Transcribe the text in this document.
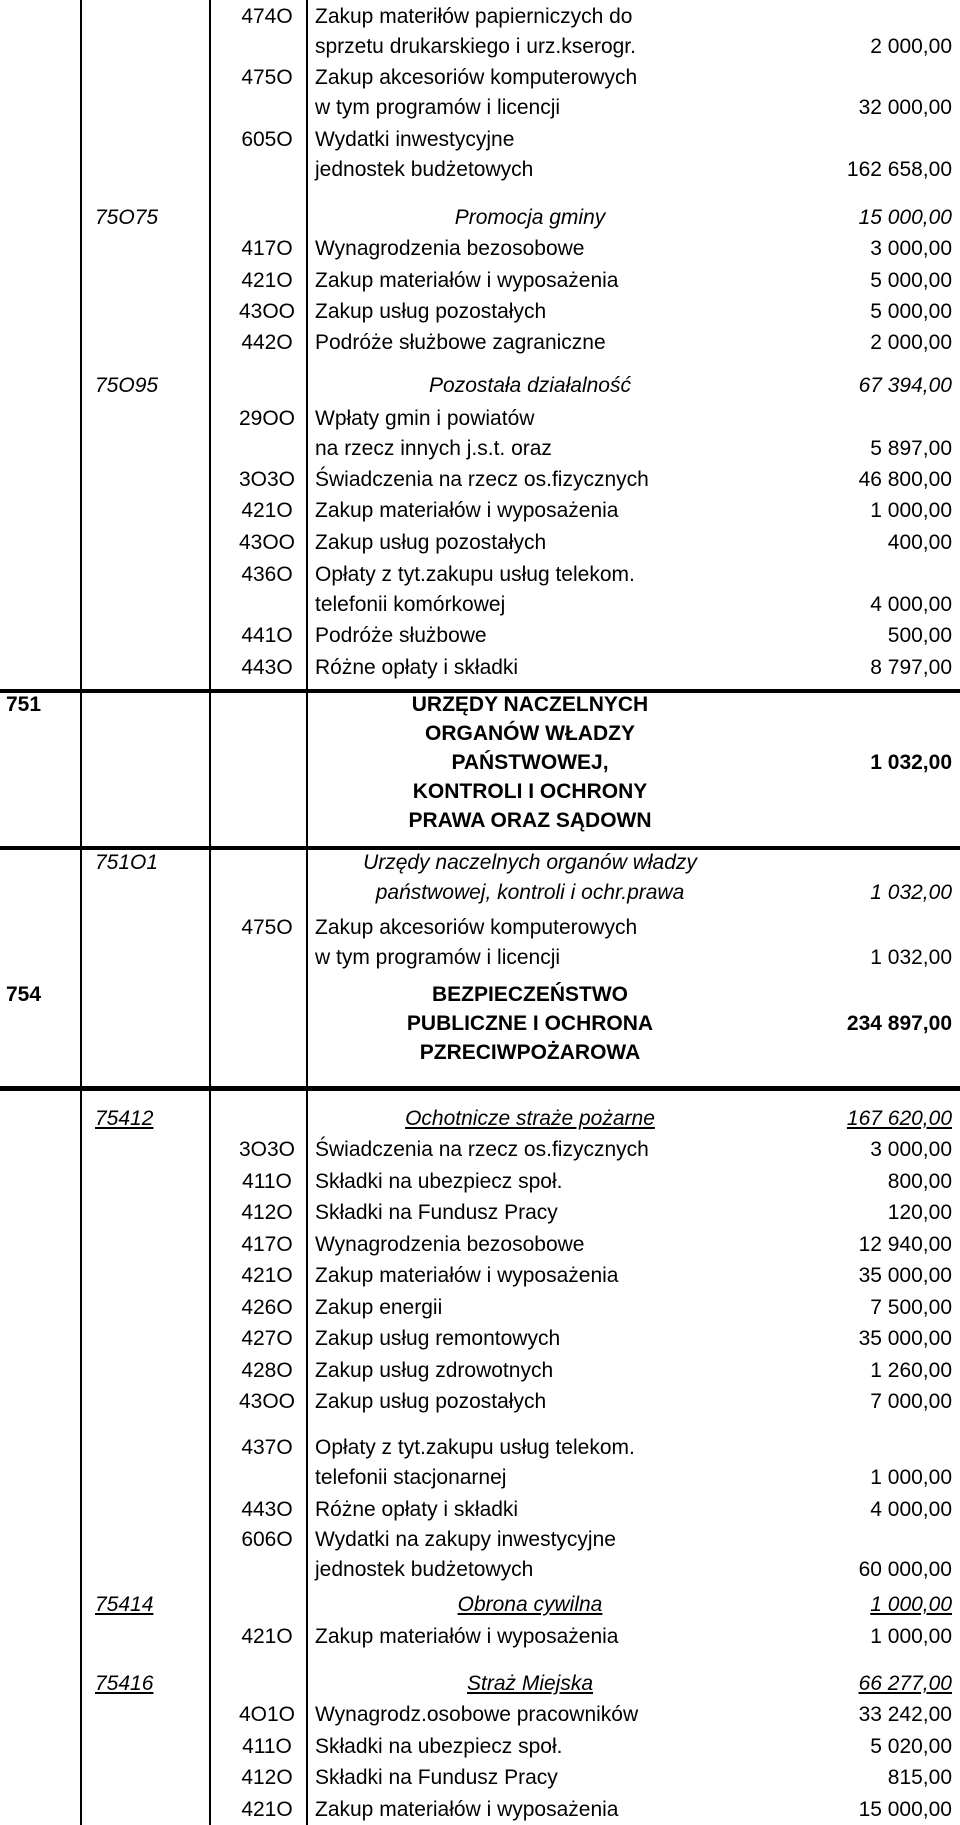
474O	Zakup materiłów papierniczych do
sprzetu drukarskiego i urz.kserogr.	2 000,00
475O	Zakup akcesoriów komputerowych
w tym programów i licencji	32 000,00
605O	Wydatki inwestycyjne
jednostek budżetowych	162 658,00
75O75	Promocja gminy	15 000,00
417O	Wynagrodzenia bezosobowe	3 000,00
421O	Zakup materiałów i wyposażenia	5 000,00
43OO Zakup usług pozostałych	5 000,00
442O	Podróże służbowe zagraniczne	2 000,00
75O95	Pozostała działalność	67 394,00
29OO Wpłaty gmin i powiatów
na rzecz innych j.s.t. oraz	5 897,00
3O3O Świadczenia na rzecz os.fizycznych	46 800,00
421O	Zakup materiałów i wyposażenia	1 000,00
43OO Zakup usług pozostałych	400,00
436O	Opłaty z tyt.zakupu usług telekom.
telefonii komórkowej	4 000,00
441O	Podróże służbowe	500,00
443O	Różne opłaty i składki	8 797,00
751	URZĘDY NACZELNYCH
ORGANÓW WŁADZY
PAŃSTWOWEJ,
KONTROLI I OCHRONY
PRAWA ORAZ SĄDOWN
1 032,00
751O1	Urzędy naczelnych organów władzy
państwowej, kontroli i ochr.prawa	1 032,00
475O	Zakup akcesoriów komputerowych
w tym programów i licencji	1 032,00
754	BEZPIECZEŃSTWO
PUBLICZNE I OCHRONA
PZRECIWPOŻAROWA
234 897,00
75412	Ochotnicze straże pożarne	167 620,00
3O3O Świadczenia na rzecz os.fizycznych	3 000,00
411O	Składki na ubezpiecz społ.	800,00
412O	Składki na Fundusz Pracy	120,00
417O	Wynagrodzenia bezosobowe	12 940,00
421O	Zakup materiałów i wyposażenia	35 000,00
426O	Zakup energii	7 500,00
427O	Zakup usług remontowych	35 000,00
428O	Zakup usług zdrowotnych	1 260,00
43OO Zakup usług pozostałych	7 000,00
437O	Opłaty z tyt.zakupu usług telekom.
telefonii stacjonarnej	1 000,00
443O	Różne opłaty i składki	4 000,00
606O	Wydatki na zakupy inwestycyjne
jednostek budżetowych	60 000,00
75414	Obrona cywilna	1 000,00
421O	Zakup materiałów i wyposażenia	1 000,00
75416	Straż Miejska	66 277,00
4O1O Wynagrodz.osobowe pracowników	33 242,00
411O	Składki na ubezpiecz społ.	5 020,00
412O	Składki na Fundusz Pracy	815,00
421O	Zakup materiałów i wyposażenia	15 000,00
